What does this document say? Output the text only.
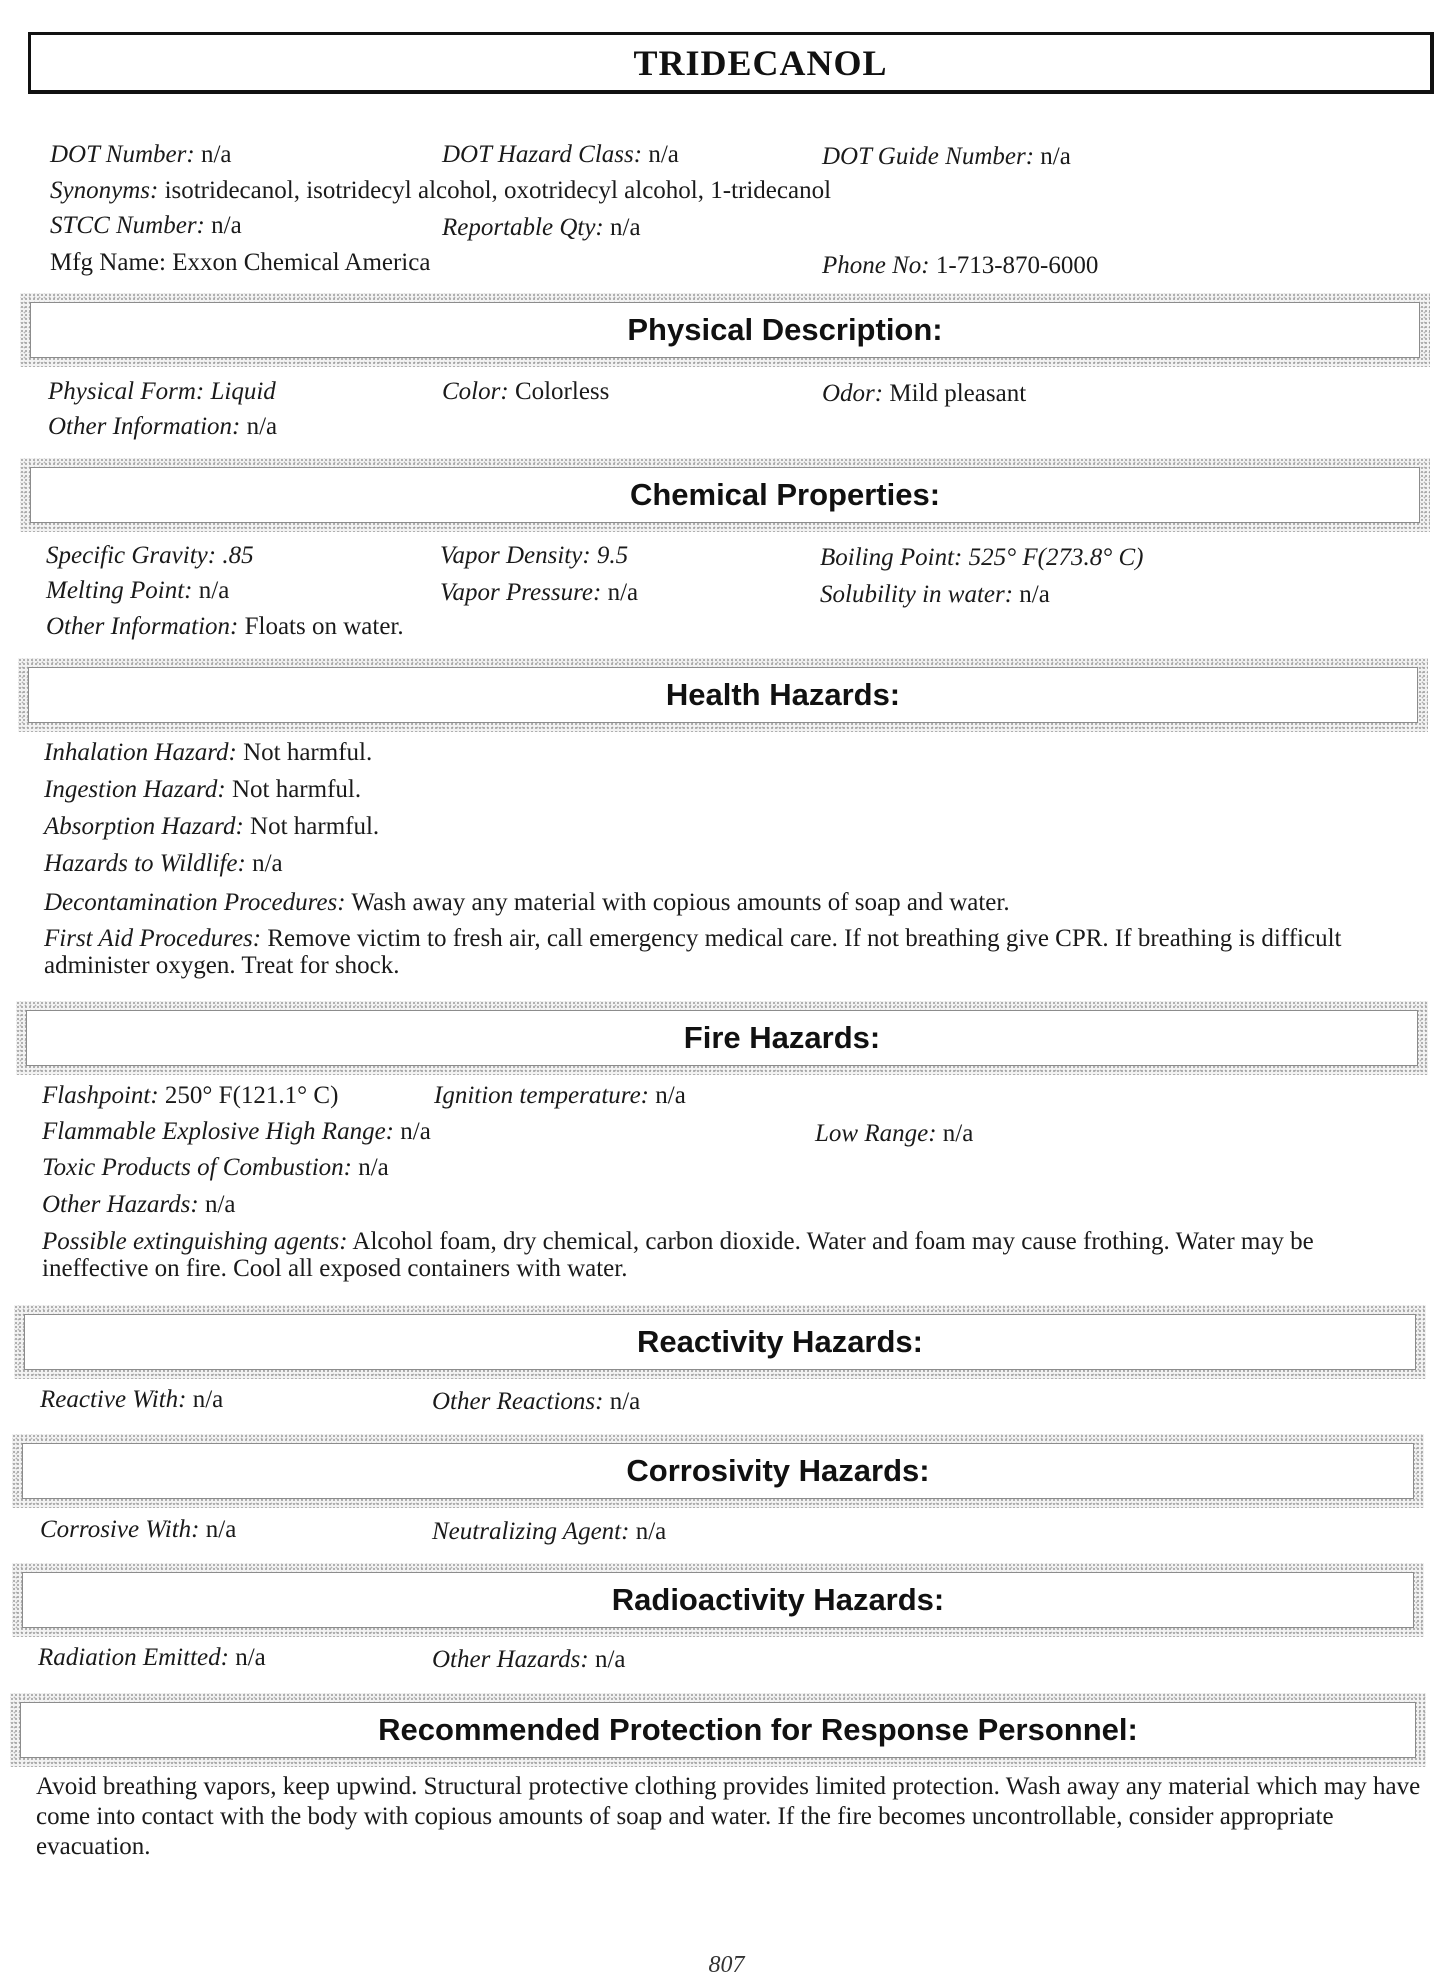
TRIDECANOL
DOT Number: n/a	DOT Hazard Class: n/a	DOT Guide Number: n/a
Synonyms: isotridecanol, isotridecyl alcohol, oxotridecyl alcohol, 1-tridecanol
STCC Number: n/a	Reportable Qty: n/a
Mfg Name: Exxon Chemical America	Phone No: 1-713-870-6000
Physical Description:
Physical Form: Liquid	Color: Colorless	Odor: Mild pleasant
Other Information: n/a
Chemical Properties:
Specific Gravity: .85	Vapor Density: 9.5	Boiling Point: 525° F(273.8° C)
Melting Point: n/a	Vapor Pressure: n/a	Solubility in water: n/a
Other Information: Floats on water.
Health Hazards:
Inhalation Hazard: Not harmful.
Ingestion Hazard: Not harmful.
Absorption Hazard: Not harmful.
Hazards to Wildlife: n/a
Decontamination Procedures: Wash away any material with copious amounts of soap and water.
First Aid Procedures: Remove victim to fresh air, call emergency medical care. If not breathing give CPR. If breathing is difficult administer oxygen. Treat for shock.
Fire Hazards:
Flashpoint: 250° F(121.1° C)	Ignition temperature: n/a
Flammable Explosive High Range: n/a	Low Range: n/a
Toxic Products of Combustion: n/a
Other Hazards: n/a
Possible extinguishing agents: Alcohol foam, dry chemical, carbon dioxide. Water and foam may cause frothing. Water may be ineffective on fire. Cool all exposed containers with water.
Reactivity Hazards:
Reactive With: n/a	Other Reactions: n/a
Corrosivity Hazards:
Corrosive With: n/a	Neutralizing Agent: n/a
Radioactivity Hazards:
Radiation Emitted: n/a	Other Hazards: n/a
Recommended Protection for Response Personnel:
Avoid breathing vapors, keep upwind. Structural protective clothing provides limited protection. Wash away any material which may have come into contact with the body with copious amounts of soap and water. If the fire becomes uncontrollable, consider appropriate evacuation.
807
